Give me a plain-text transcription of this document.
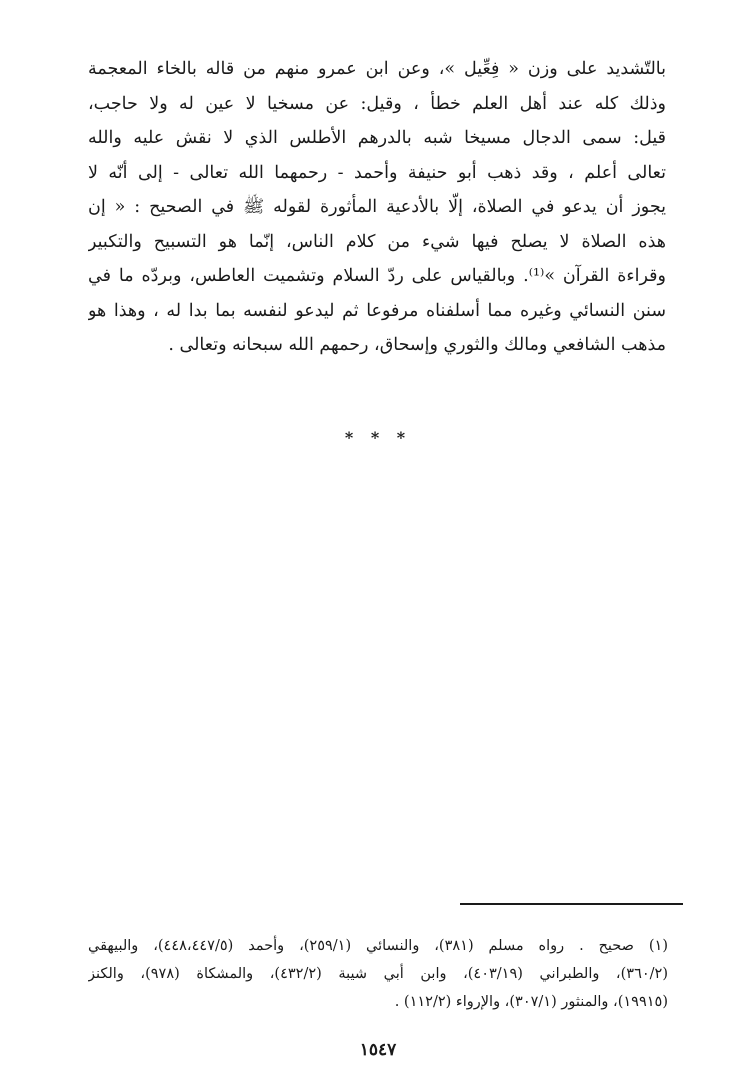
بالتّشديد على وزن « فِعِّيل »، وعن ابن عمرو منهم من قاله بالخاء المعجمة
وذلك كله عند أهل العلم خطأ ، وقيل: عن مسخيا لا عين له ولا حاجب،
قيل: سمى الدجال مسيخا شبه بالدرهم الأطلس الذي لا نقش عليه والله
تعالى أعلم ، وقد ذهب أبو حنيفة وأحمد - رحمهما الله تعالى - إلى أنّه لا
يجوز أن يدعو في الصلاة، إلّا بالأدعية المأثورة لقوله ﷺ في الصحيح : « إن
هذه الصلاة لا يصلح فيها شيء من كلام الناس، إنّما هو التسبيح والتكبير
وقراءة القرآن »⁽¹⁾. وبالقياس على ردّ السلام وتشميت العاطس، وبردّه ما في
سنن النسائي وغيره مما أسلفناه مرفوعا ثم ليدعو لنفسه بما بدا له ، وهذا هو
مذهب الشافعي ومالك والثوري وإسحاق، رحمهم الله سبحانه وتعالى .
* * *
(١) صحيح . رواه مسلم (٣٨١)، والنسائي (٢٥٩/١)، وأحمد (٤٤٨،٤٤٧/٥)، والبيهقي
(٣٦٠/٢)، والطبراني (٤٠٣/١٩)، وابن أبي شيبة (٤٣٢/٢)، والمشكاة (٩٧٨)، والكنز
(١٩٩١٥)، والمنثور (٣٠٧/١)، والإرواء (١١٢/٢) .
١٥٤٧
